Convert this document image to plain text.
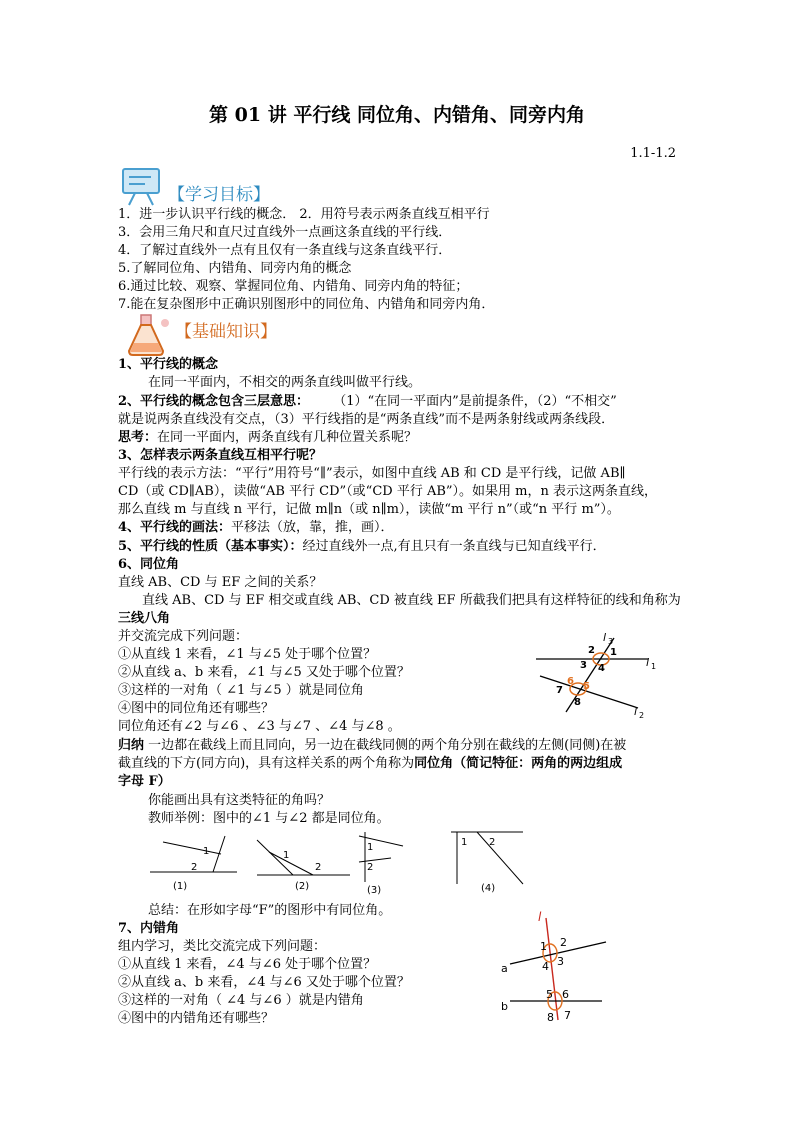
第 01 讲 平行线 同位角、内错角、同旁内角
1.1-1.2
【学习目标】
1．进一步认识平行线的概念． 2．用符号表示两条直线互相平行
3．会用三角尺和直尺过直线外一点画这条直线的平行线．
4．了解过直线外一点有且仅有一条直线与这条直线平行．
5.了解同位角、内错角、同旁内角的概念
6.通过比较、观察、掌握同位角、内错角、同旁内角的特征；
7.能在复杂图形中正确识别图形中的同位角、内错角和同旁内角．
【基础知识】
1、平行线的概念
在同一平面内，不相交的两条直线叫做平行线。
2、平行线的概念包含三层意思： （1）“在同一平面内”是前提条件，（2）“不相交”
就是说两条直线没有交点，（3）平行线指的是“两条直线”而不是两条射线或两条线段．
思考：在同一平面内，两条直线有几种位置关系呢？
3、怎样表示两条直线互相平行呢？
平行线的表示方法：“平行”用符号“∥”表示，如图中直线 AB 和 CD 是平行线，记做 AB∥
CD（或 CD∥AB），读做“AB 平行 CD”（或“CD 平行 AB”）。如果用 m，n 表示这两条直线，
那么直线 m 与直线 n 平行，记做 m∥n（或 n∥m），读做“m 平行 n”（或“n 平行 m”）。
4、平行线的画法：平移法（放，靠，推，画）．
5、平行线的性质（基本事实）：经过直线外一点,有且只有一条直线与已知直线平行．
6、同位角
直线 AB、CD 与 EF 之间的关系？
直线 AB、CD 与 EF 相交或直线 AB、CD 被直线 EF 所截我们把具有这样特征的线和角称为
三线八角
并交流完成下列问题：
①从直线 1 来看，∠1 与∠5 处于哪个位置？
②从直线 a、b 来看，∠1 与∠5 又处于哪个位置？
③这样的一对角（ ∠1 与∠5 ）就是同位角
④图中的同位角还有哪些？
同位角还有∠2 与∠6 、∠3 与∠7 、∠4 与∠8 。
归纳 一边都在截线上而且同向，另一边在截线同侧的两个角分别在截线的左侧(同侧)在被
截直线的下方(同方向)，具有这样关系的两个角称为同位角（简记特征：两角的两边组成
字母 F）
你能画出具有这类特征的角吗？
教师举例：图中的∠1 与∠2 都是同位角。
l 3
l 1
l 2
1
2
3 4
5
6
7
8
1
2
(1)
1
2
(2)
1
2
(3)
1 2
(4)
总结：在形如字母“F”的图形中有同位角。
7、内错角
组内学习，类比交流完成下列问题：
①从直线 1 来看，∠4 与∠6 处于哪个位置？
②从直线 a、b 来看，∠4 与∠6 又处于哪个位置？
③这样的一对角（ ∠4 与∠6 ）就是内错角
④图中的内错角还有哪些？
l
a
b
1 2
3
4
5 6
7
8
